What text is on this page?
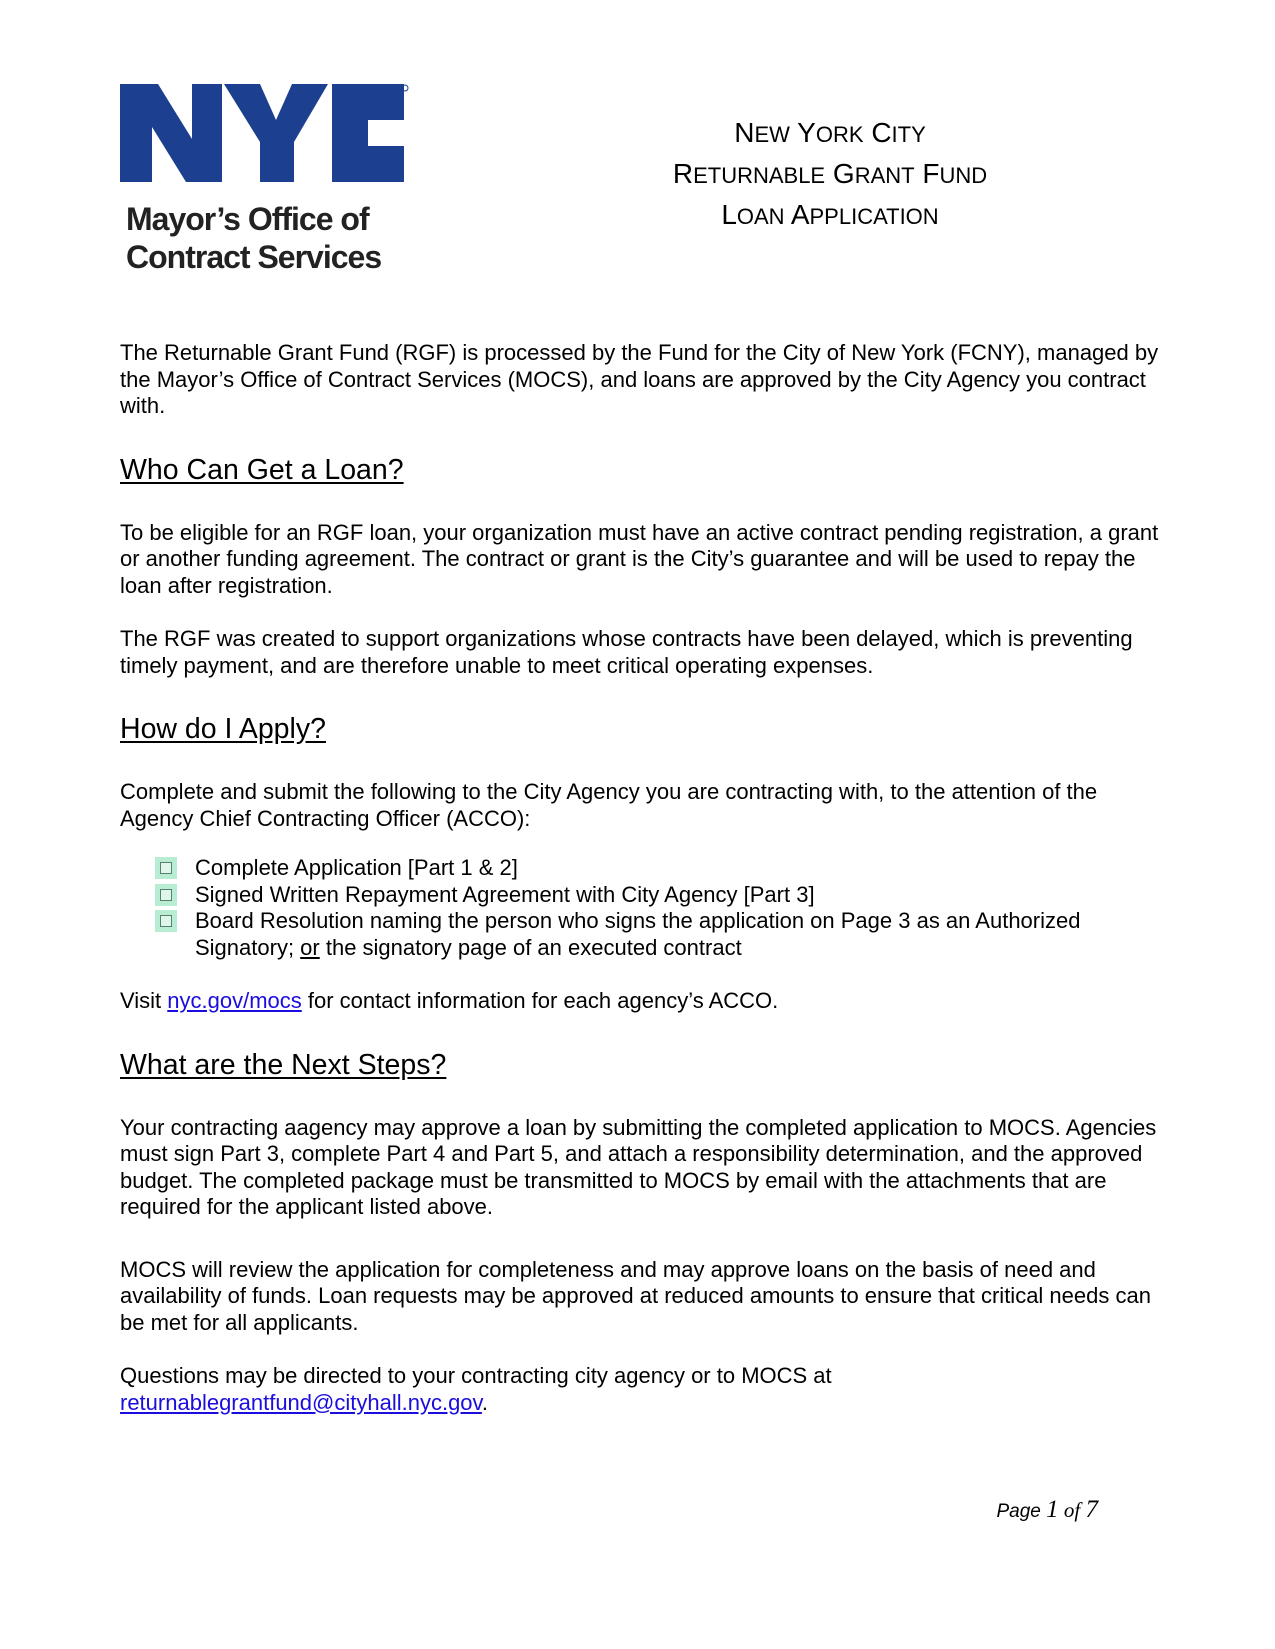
Mayor’s Office of
Contract Services
NEW YORK CITY
RETURNABLE GRANT FUND
LOAN APPLICATION

The Returnable Grant Fund (RGF) is processed by the Fund for the City of New York (FCNY), managed by the Mayor’s Office of Contract Services (MOCS), and loans are approved by the City Agency you contract with.

Who Can Get a Loan?

To be eligible for an RGF loan, your organization must have an active contract pending registration, a grant or another funding agreement. The contract or grant is the City’s guarantee and will be used to repay the loan after registration.

The RGF was created to support organizations whose contracts have been delayed, which is preventing timely payment, and are therefore unable to meet critical operating expenses.

How do I Apply?

Complete and submit the following to the City Agency you are contracting with, to the attention of the Agency Chief Contracting Officer (ACCO):

Complete Application [Part 1 & 2]
Signed Written Repayment Agreement with City Agency [Part 3]
Board Resolution naming the person who signs the application on Page 3 as an Authorized Signatory; or the signatory page of an executed contract

Visit nyc.gov/mocs for contact information for each agency’s ACCO.

What are the Next Steps?

Your contracting aagency may approve a loan by submitting the completed application to MOCS. Agencies must sign Part 3, complete Part 4 and Part 5, and attach a responsibility determination, and the approved budget. The completed package must be transmitted to MOCS by email with the attachments that are required for the applicant listed above.

MOCS will review the application for completeness and may approve loans on the basis of need and availability of funds. Loan requests may be approved at reduced amounts to ensure that critical needs can be met for all applicants.

Questions may be directed to your contracting city agency or to MOCS at
returnablegrantfund@cityhall.nyc.gov.

Page 1 of 7
